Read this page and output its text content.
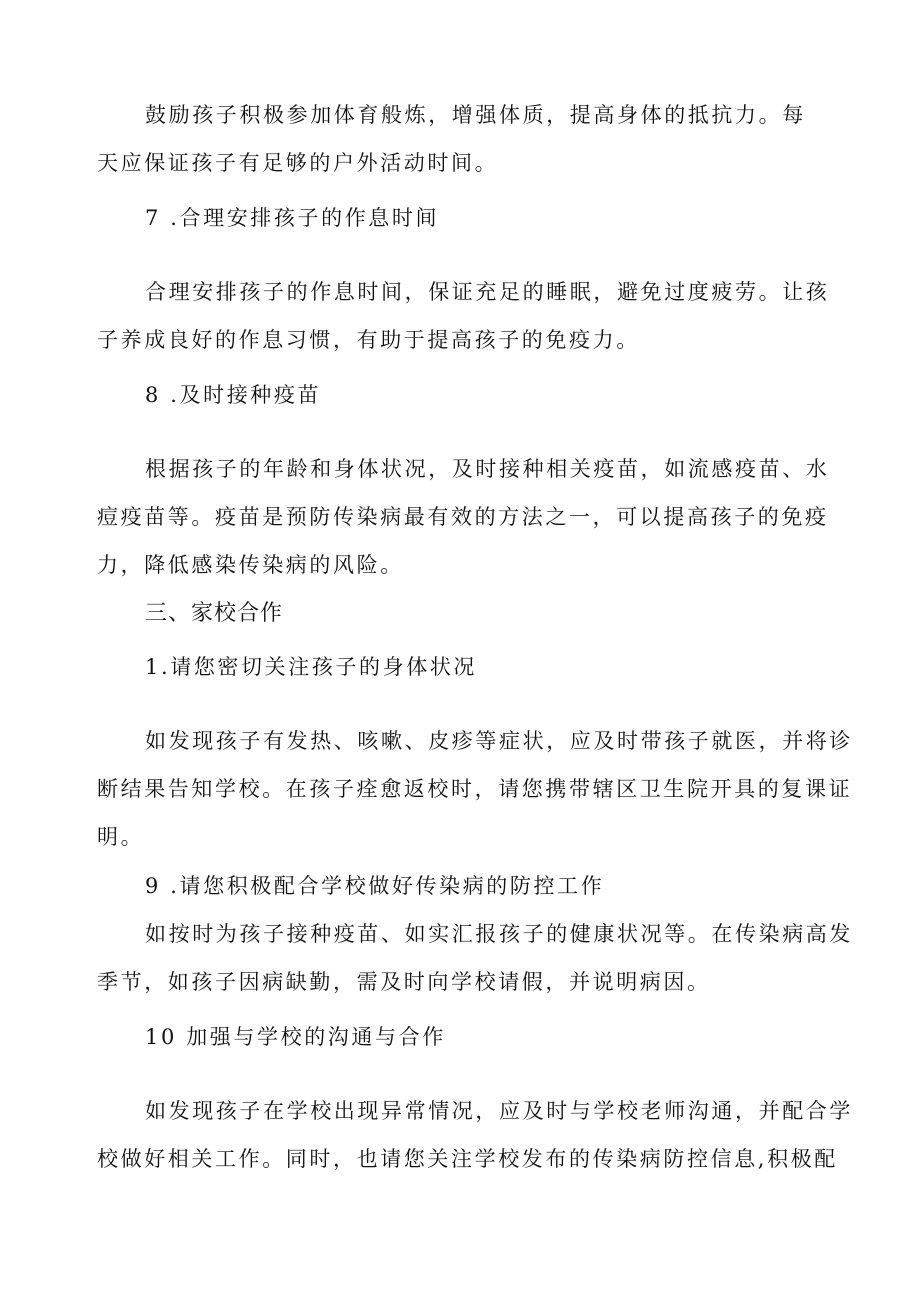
鼓励孩子积极参加体育般炼，增强体质，提高身体的抵抗力。每
天应保证孩子有足够的户外活动时间。
7 .合理安排孩子的作息时间
合理安排孩子的作息时间，保证充足的睡眠，避免过度疲劳。让孩
子养成良好的作息习惯，有助于提高孩子的免疫力。
8 .及时接种疫苗
根据孩子的年龄和身体状况，及时接种相关疫苗，如流感疫苗、水
痘疫苗等。疫苗是预防传染病最有效的方法之一，可以提高孩子的免疫
力，降低感染传染病的风险。
三、家校合作
1.请您密切关注孩子的身体状况
如发现孩子有发热、咳嗽、皮疹等症状，应及时带孩子就医，并将诊
断结果告知学校。在孩子痊愈返校时，请您携带辖区卫生院开具的复课证
明。
9 .请您积极配合学校做好传染病的防控工作
如按时为孩子接种疫苗、如实汇报孩子的健康状况等。在传染病高发
季节，如孩子因病缺勤，需及时向学校请假，并说明病因。
10 加强与学校的沟通与合作
如发现孩子在学校出现异常情况，应及时与学校老师沟通，并配合学
校做好相关工作。同时，也请您关注学校发布的传染病防控信息,积极配
